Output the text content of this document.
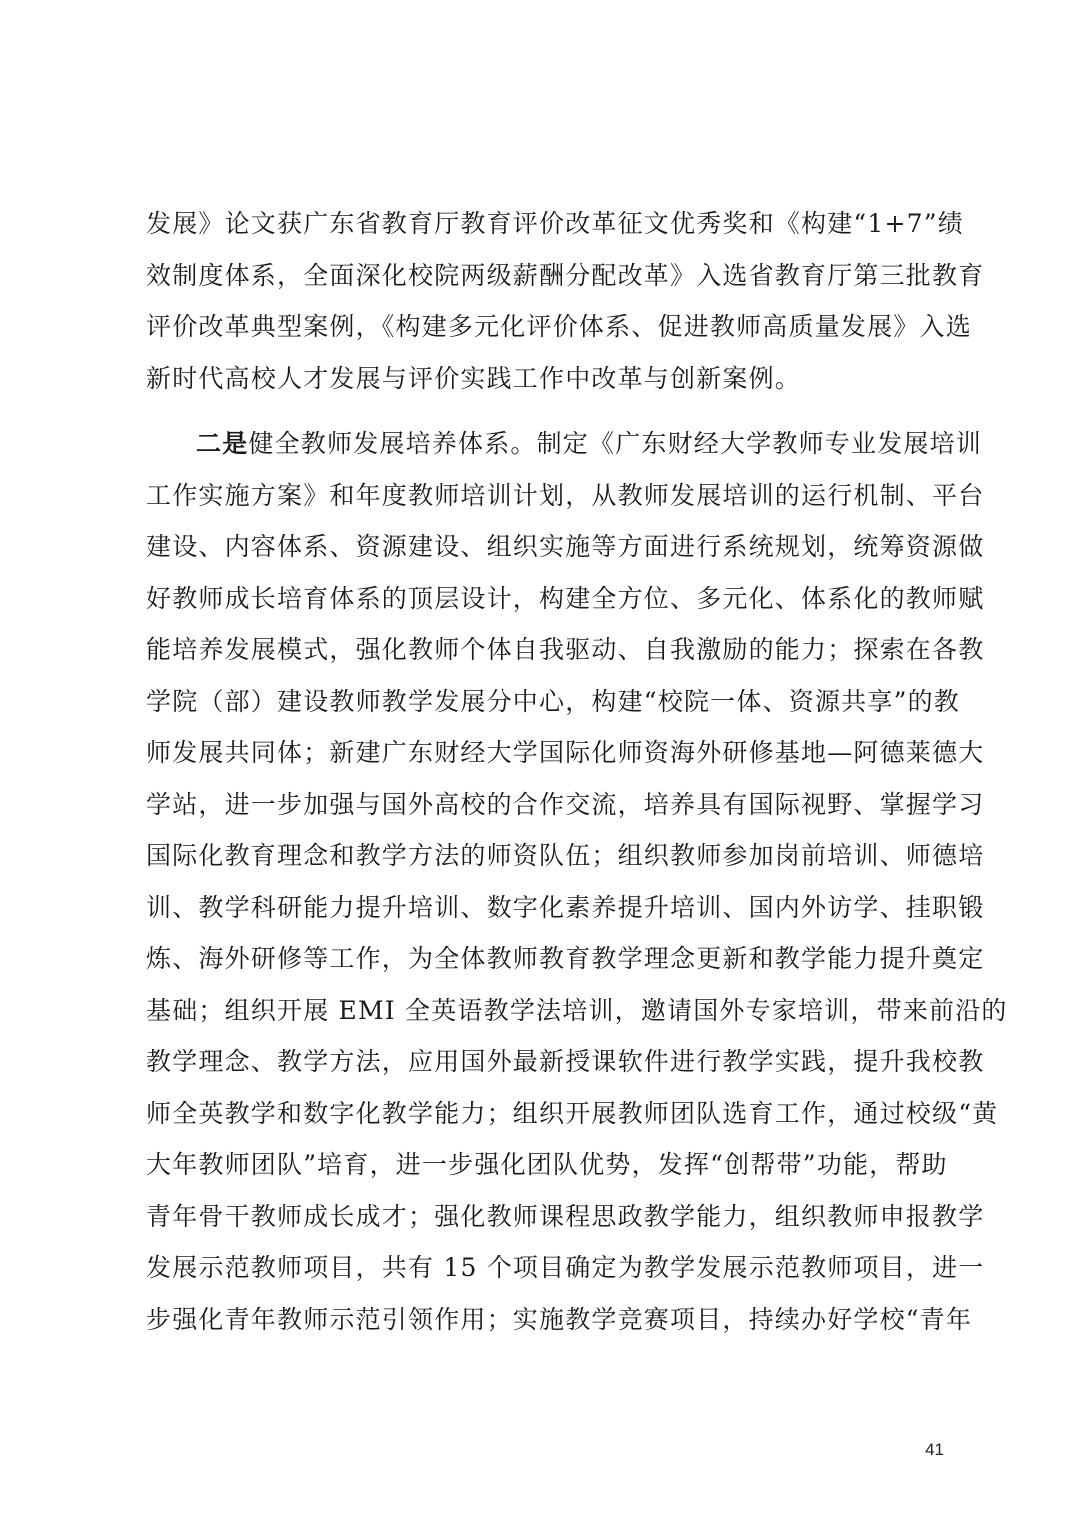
发展》论文获广东省教育厅教育评价改革征文优秀奖和《构建“1+7”绩
效制度体系，全面深化校院两级薪酬分配改革》入选省教育厅第三批教育
评价改革典型案例，《构建多元化评价体系、促进教师高质量发展》入选
新时代高校人才发展与评价实践工作中改革与创新案例。
二是健全教师发展培养体系。制定《广东财经大学教师专业发展培训
工作实施方案》和年度教师培训计划，从教师发展培训的运行机制、平台
建设、内容体系、资源建设、组织实施等方面进行系统规划，统筹资源做
好教师成长培育体系的顶层设计，构建全方位、多元化、体系化的教师赋
能培养发展模式，强化教师个体自我驱动、自我激励的能力；探索在各教
学院（部）建设教师教学发展分中心，构建“校院一体、资源共享”的教
师发展共同体；新建广东财经大学国际化师资海外研修基地—阿德莱德大
学站，进一步加强与国外高校的合作交流，培养具有国际视野、掌握学习
国际化教育理念和教学方法的师资队伍；组织教师参加岗前培训、师德培
训、教学科研能力提升培训、数字化素养提升培训、国内外访学、挂职锻
炼、海外研修等工作，为全体教师教育教学理念更新和教学能力提升奠定
基础；组织开展 EMI 全英语教学法培训，邀请国外专家培训，带来前沿的
教学理念、教学方法，应用国外最新授课软件进行教学实践，提升我校教
师全英教学和数字化教学能力；组织开展教师团队选育工作，通过校级“黄
大年教师团队”培育，进一步强化团队优势，发挥“创帮带”功能，帮助
青年骨干教师成长成才；强化教师课程思政教学能力，组织教师申报教学
发展示范教师项目，共有 15 个项目确定为教学发展示范教师项目，进一
步强化青年教师示范引领作用；实施教学竞赛项目，持续办好学校“青年
41
